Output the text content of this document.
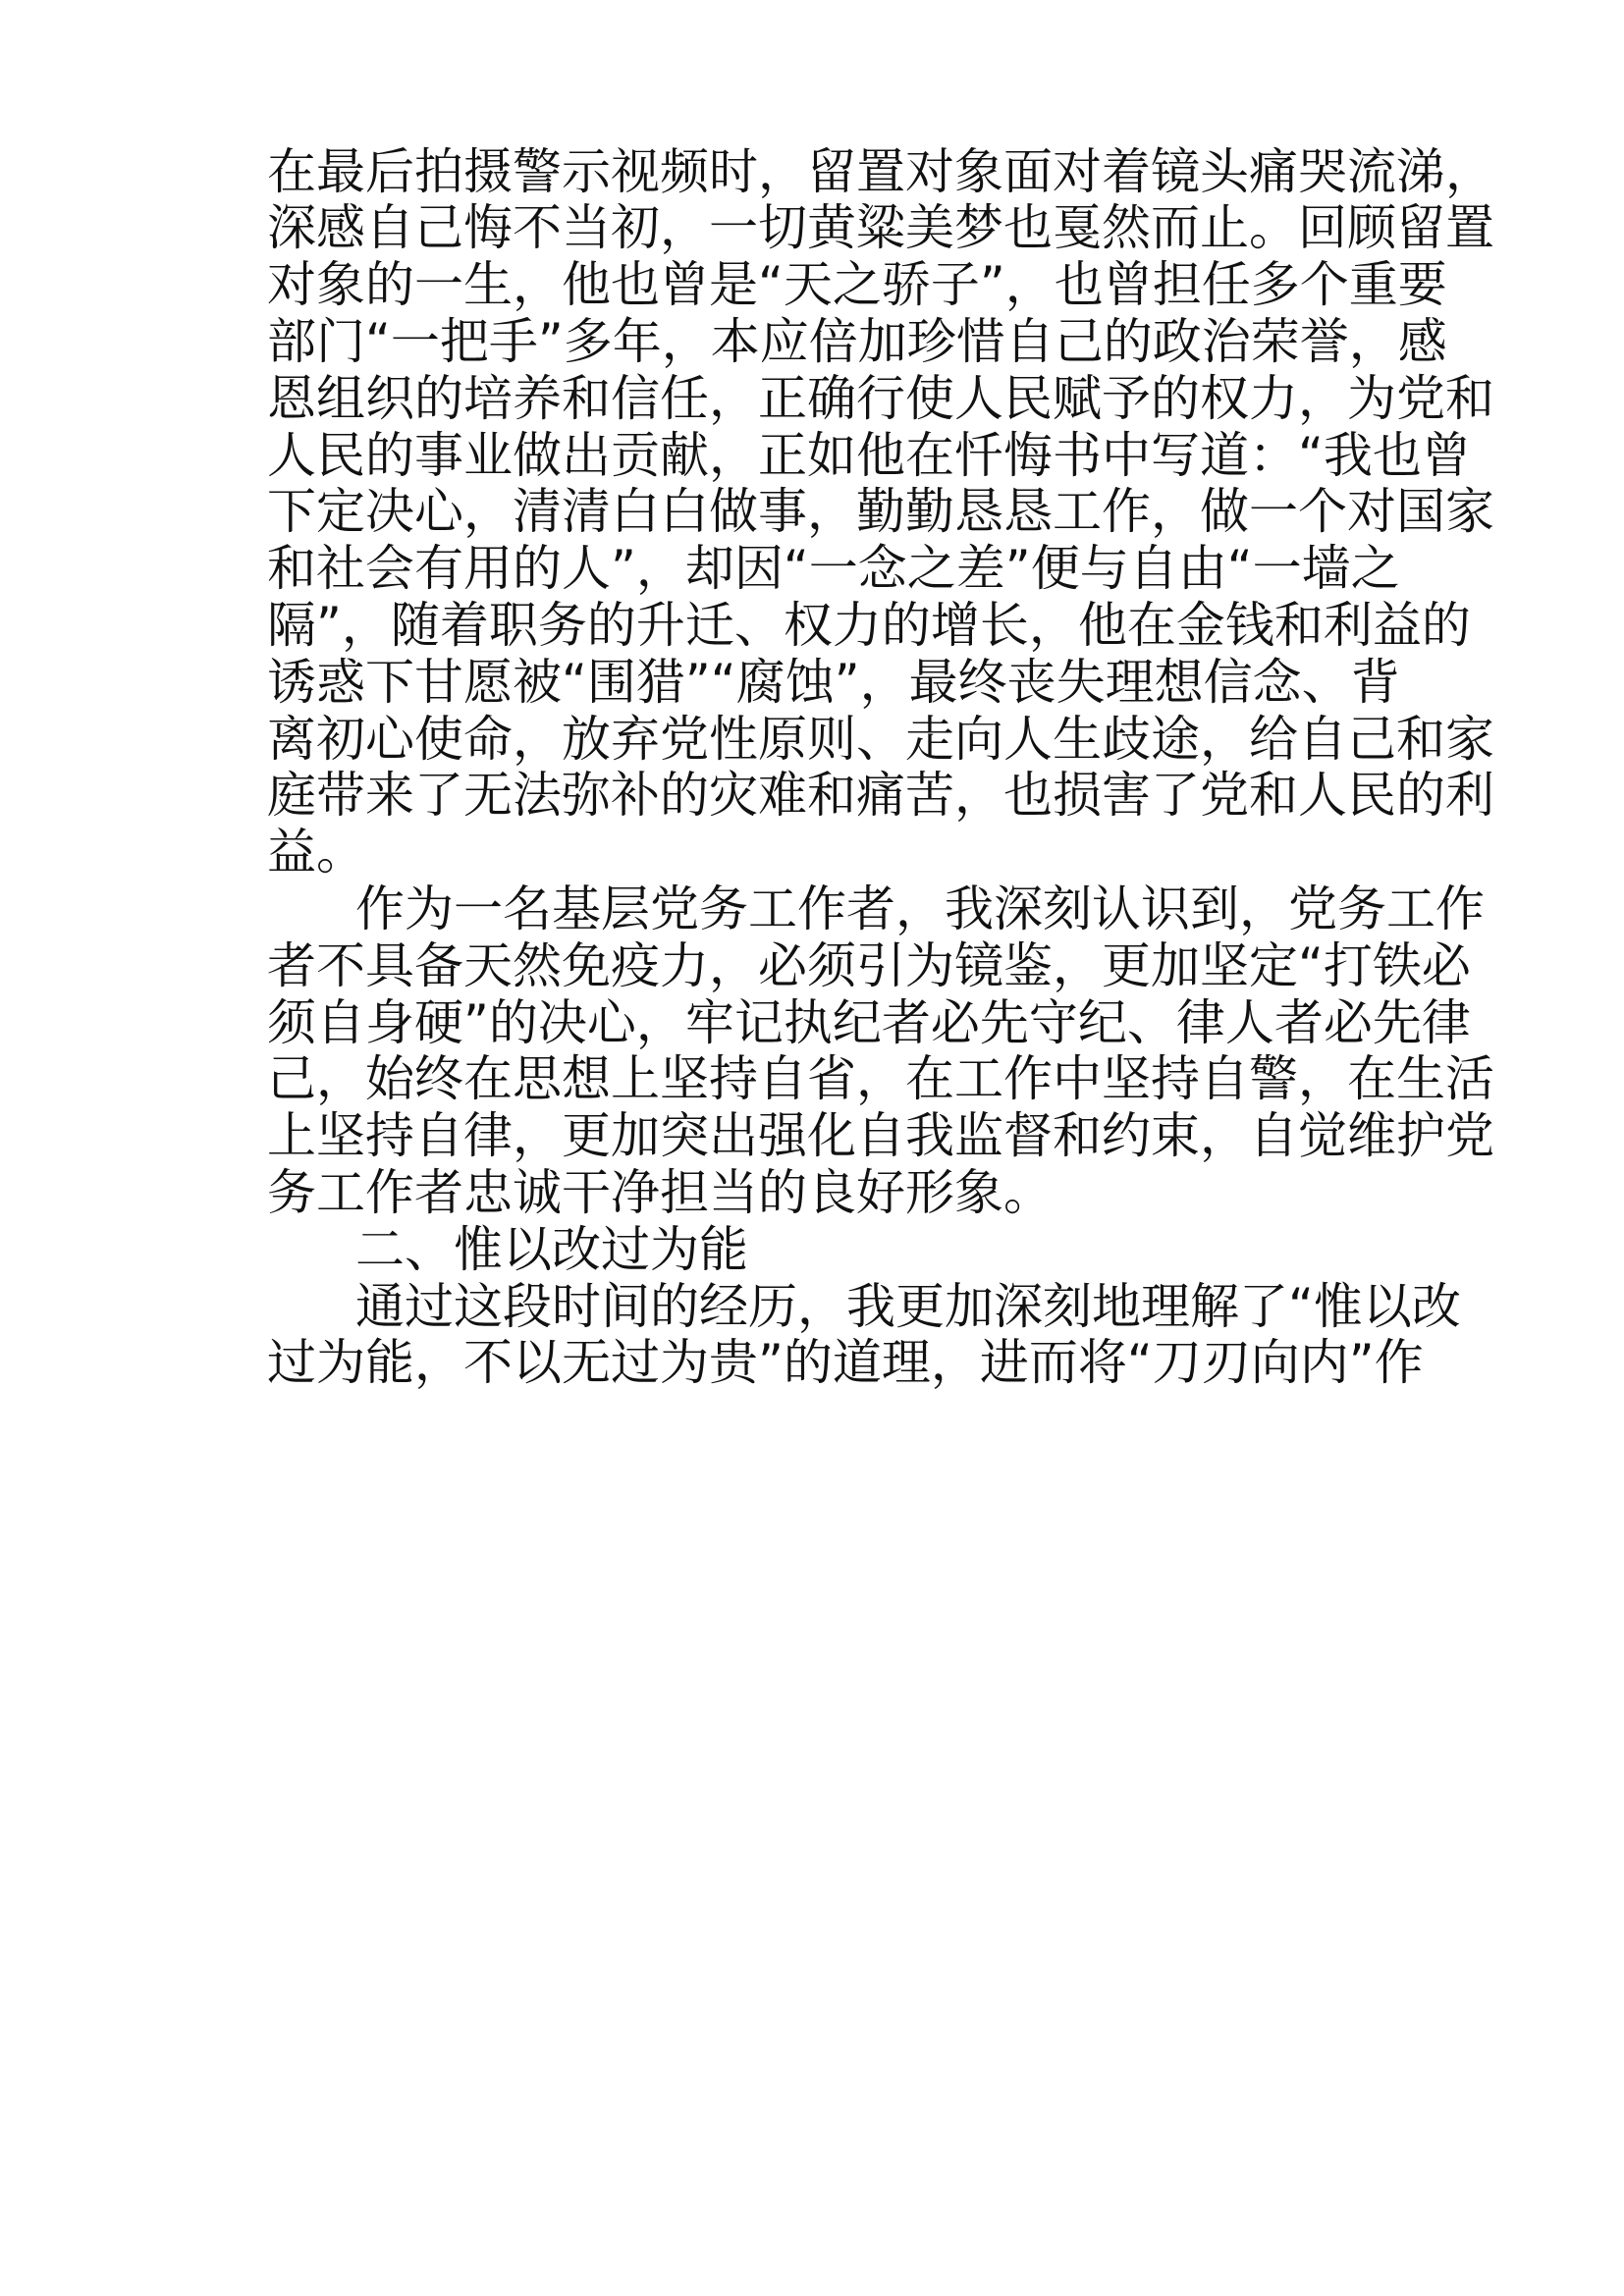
在最后拍摄警示视频时，留置对象面对着镜头痛哭流涕，
深感自己悔不当初，一切黄粱美梦也戛然而止。回顾留置
对象的一生，他也曾是“天之骄子”，也曾担任多个重要
部门“一把手”多年，本应倍加珍惜自己的政治荣誉，感
恩组织的培养和信任，正确行使人民赋予的权力，为党和
人民的事业做出贡献，正如他在忏悔书中写道：“我也曾
下定决心，清清白白做事，勤勤恳恳工作，做一个对国家
和社会有用的人”，却因“一念之差”便与自由“一墙之
隔”，随着职务的升迁、权力的增长，他在金钱和利益的
诱惑下甘愿被“围猎”“腐蚀”，最终丧失理想信念、背
离初心使命，放弃党性原则、走向人生歧途，给自己和家
庭带来了无法弥补的灾难和痛苦，也损害了党和人民的利
益。
作为一名基层党务工作者，我深刻认识到，党务工作
者不具备天然免疫力，必须引为镜鉴，更加坚定“打铁必
须自身硬”的决心，牢记执纪者必先守纪、律人者必先律
己，始终在思想上坚持自省，在工作中坚持自警，在生活
上坚持自律，更加突出强化自我监督和约束，自觉维护党
务工作者忠诚干净担当的良好形象。
二、惟以改过为能
通过这段时间的经历，我更加深刻地理解了“惟以改
过为能，不以无过为贵”的道理，进而将“刀刃向内”作
